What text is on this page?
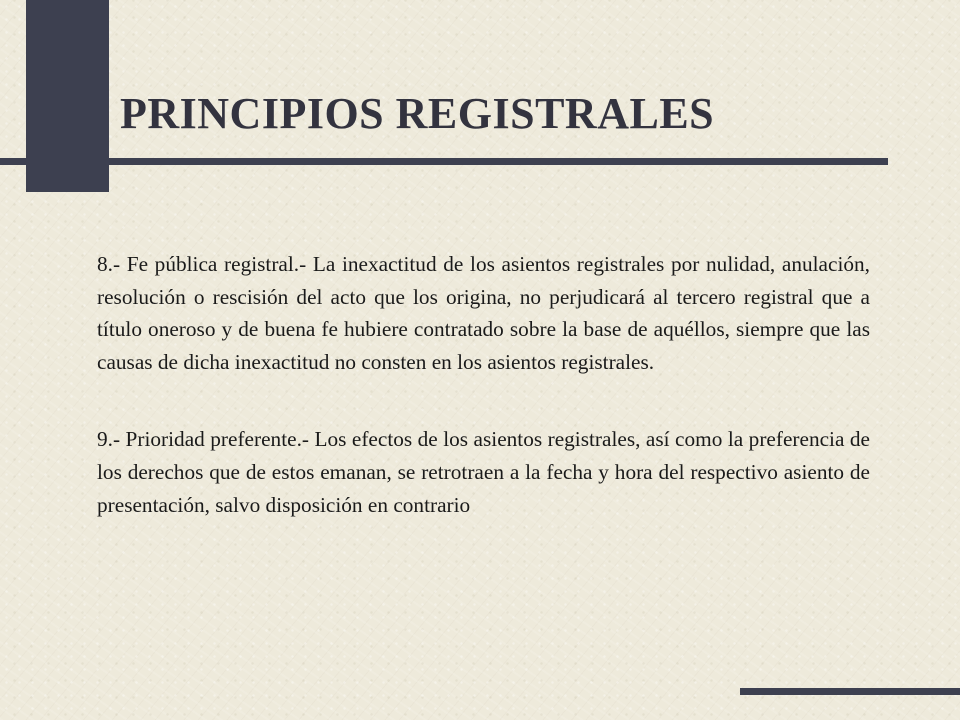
PRINCIPIOS REGISTRALES

8.- Fe pública registral.- La inexactitud de los asientos registrales por nulidad, anulación, resolución o rescisión del acto que los origina, no perjudicará al tercero registral que a título oneroso y de buena fe hubiere contratado sobre la base de aquéllos, siempre que las causas de dicha inexactitud no consten en los asientos registrales.

9.- Prioridad preferente.- Los efectos de los asientos registrales, así como la preferencia de los derechos que de estos emanan, se retrotraen a la fecha y hora del respectivo asiento de presentación, salvo disposición en contrario
